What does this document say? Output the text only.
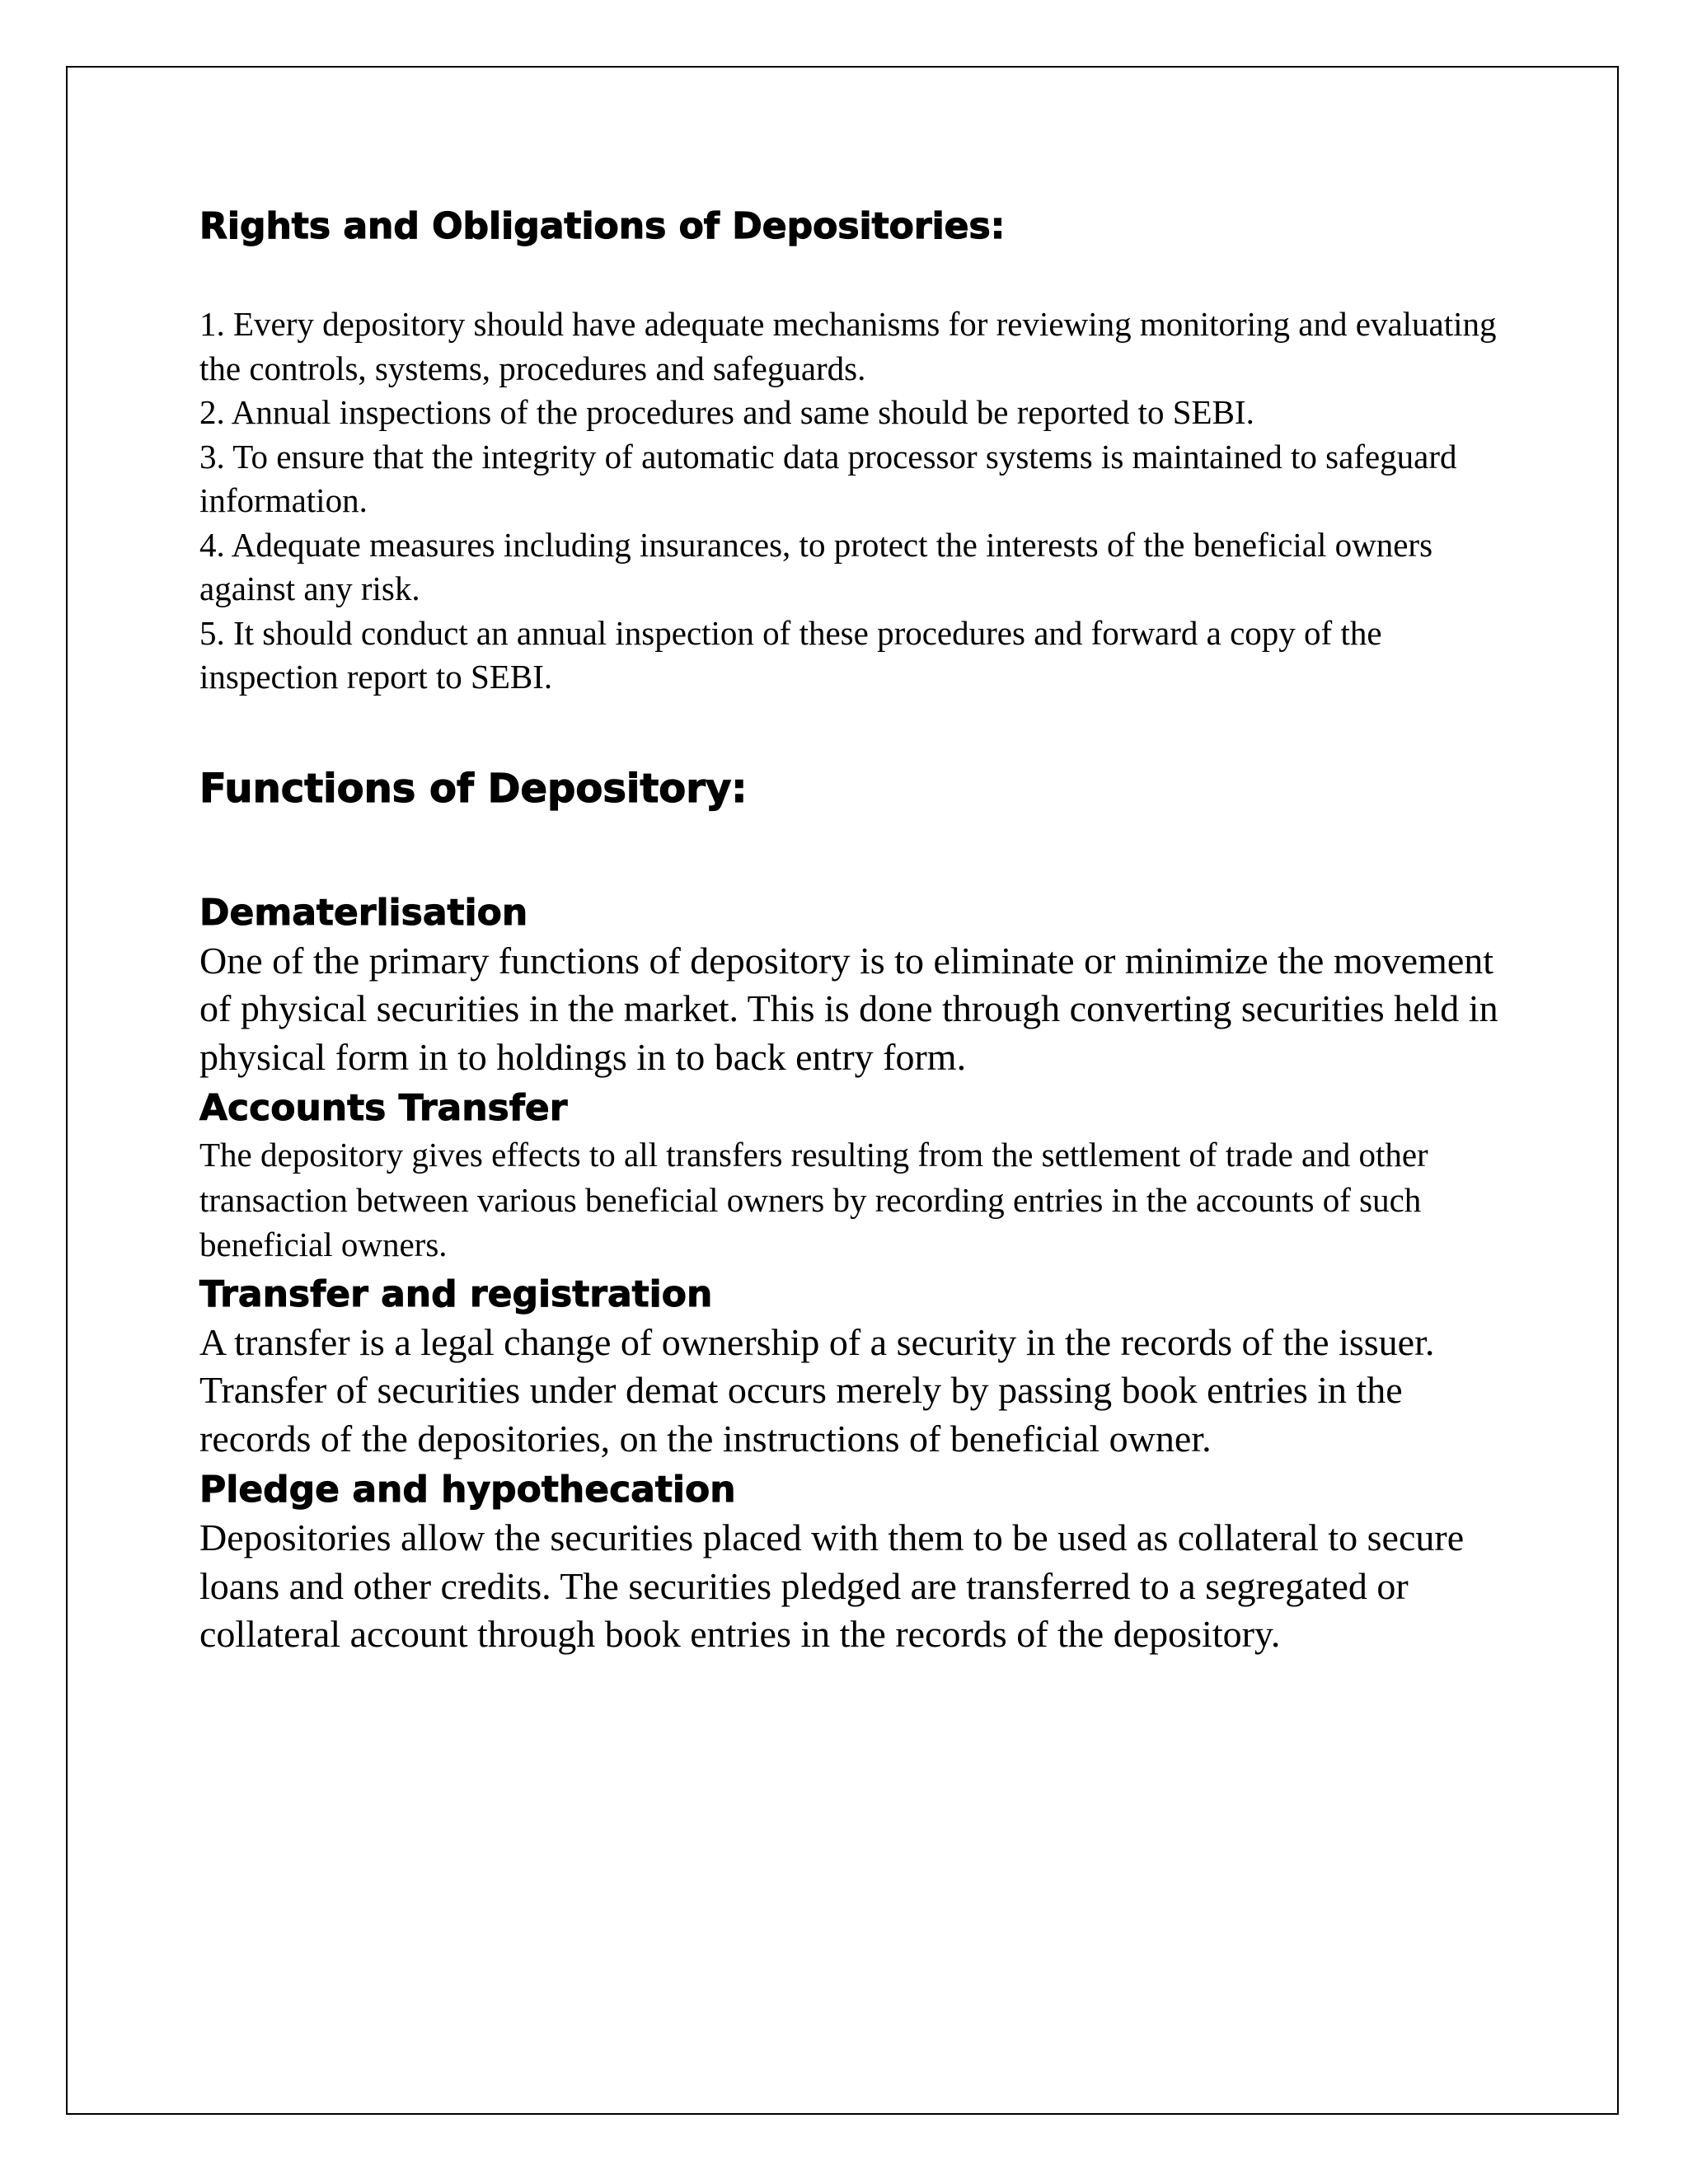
Rights and Obligations of Depositories:

1. Every depository should have adequate mechanisms for reviewing monitoring and evaluating the controls, systems, procedures and safeguards.

2. Annual inspections of the procedures and same should be reported to SEBI.

3. To ensure that the integrity of automatic data processor systems is maintained to safeguard information.

4. Adequate measures including insurances, to protect the interests of the beneficial owners against any risk.

5. It should conduct an annual inspection of these procedures and forward a copy of the inspection report to SEBI.

Functions of Depository:
Dematerlisation

One of the primary functions of depository is to eliminate or minimize the movement of physical securities in the market. This is done through converting securities held in physical form in to holdings in to back entry form.

Accounts Transfer

The depository gives effects to all transfers resulting from the settlement of trade and other transaction between various beneficial owners by recording entries in the accounts of such beneficial owners.

Transfer and registration

A transfer is a legal change of ownership of a security in the records of the issuer. Transfer of securities under demat occurs merely by passing book entries in the records of the depositories, on the instructions of beneficial owner.

Pledge and hypothecation

Depositories allow the securities placed with them to be used as collateral to secure loans and other credits. The securities pledged are transferred to a segregated or collateral account through book entries in the records of the depository.
